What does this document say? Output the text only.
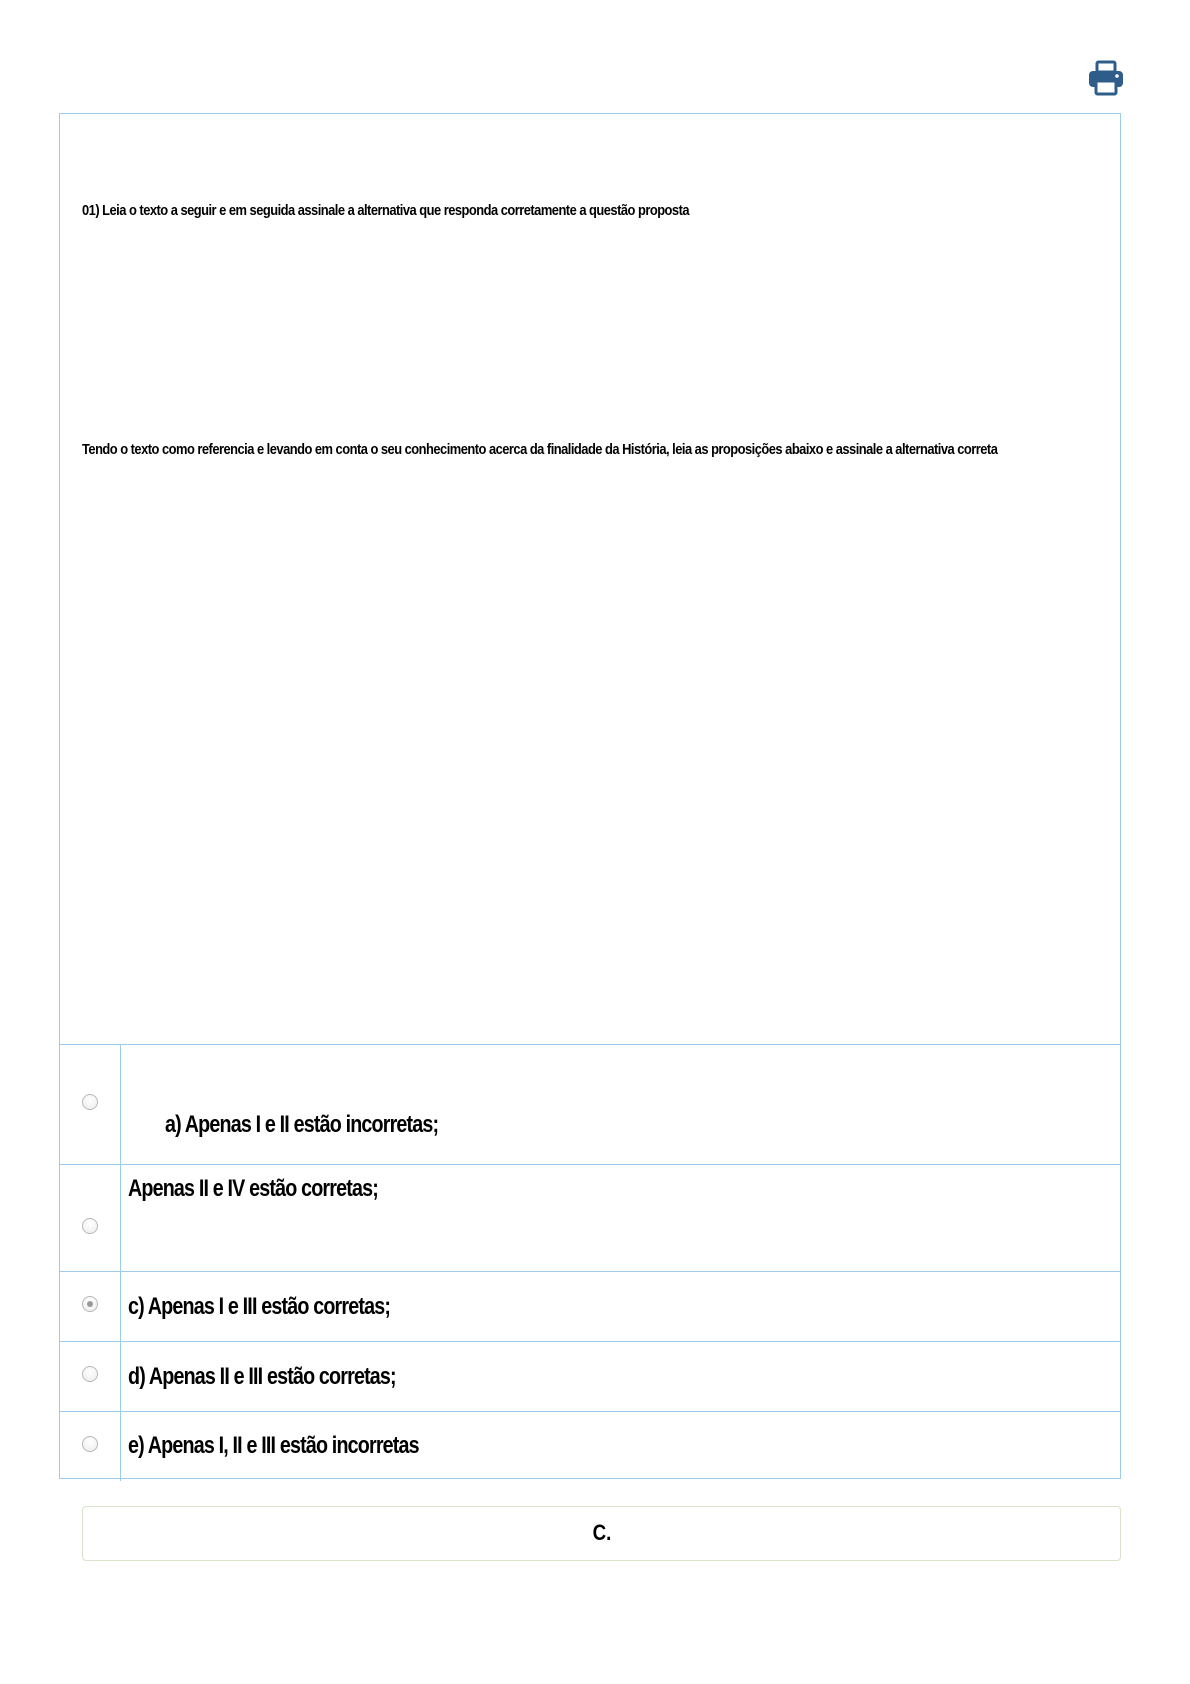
01) Leia o texto a seguir e em seguida assinale a alternativa que responda corretamente a questão proposta
Tendo o texto como referencia e levando em conta o seu conhecimento acerca da finalidade da História, leia as proposições abaixo e assinale a alternativa correta

	a) Apenas I e II estão incorretas;

	Apenas II e IV estão corretas;

	c) Apenas I e III estão corretas;
	d) Apenas II e III estão corretas;
	e) Apenas I, II e III estão incorretas
C.
